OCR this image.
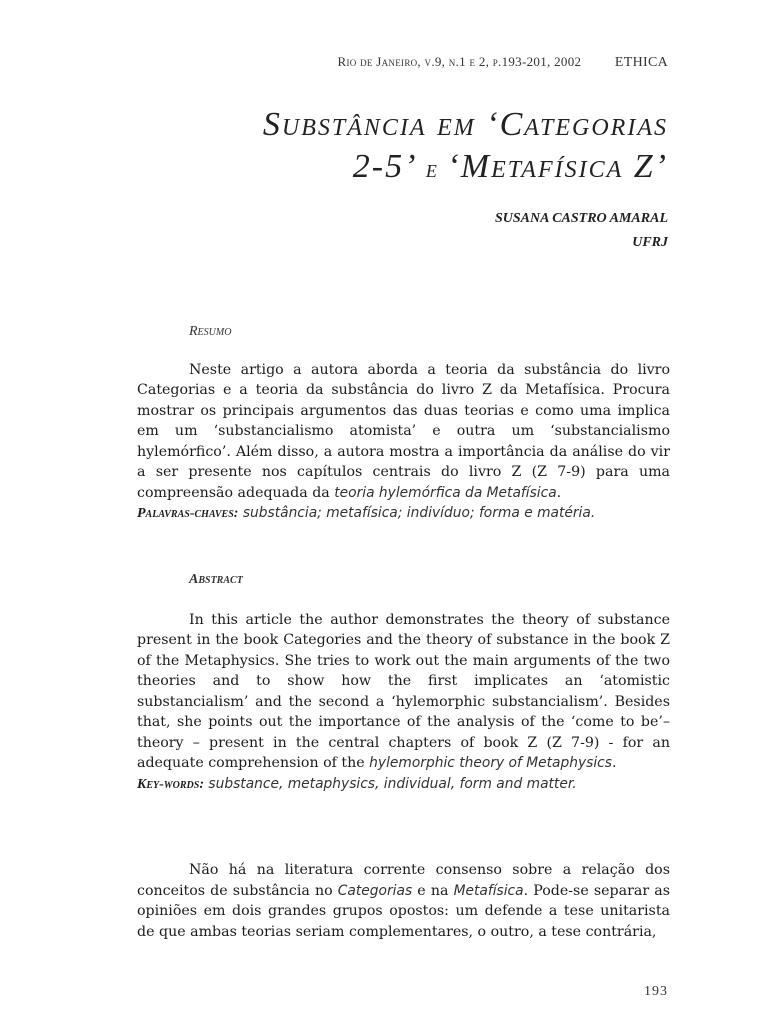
Rio de Janeiro, v.9, n.1 e 2, p.193-201, 2002 ETHICA
Substância em ‘Categorias
2-5’ e ‘Metafísica Z’
SUSANA CASTRO AMARAL
UFRJ
Resumo

Neste artigo a autora aborda a teoria da substância do livro Categorias e a teoria da substância do livro Z da Metafísica. Procura mostrar os principais argumentos das duas teorias e como uma implica em um ‘substancialismo atomista’ e outra um ‘substancialismo hylemórfico’. Além disso, a autora mostra a importância da análise do vir a ser presente nos capítulos centrais do livro Z (Z 7-9) para uma compreensão adequada da teoria hylemórfica da Metafísica.

Palavras-chaves: substância; metafísica; indivíduo; forma e matéria.

Abstract

In this article the author demonstrates the theory of substance present in the book Categories and the theory of substance in the book Z of the Metaphysics. She tries to work out the main arguments of the two theories and to show how the first implicates an ‘atomistic substancialism’ and the second a ‘hylemorphic substancialism’. Besides that, she points out the importance of the analysis of the ‘come to be’– theory – present in the central chapters of book Z (Z 7-9) - for an adequate comprehension of the hylemorphic theory of Metaphysics.

Key-words: substance, metaphysics, individual, form and matter.

Não há na literatura corrente consenso sobre a relação dos conceitos de substância no Categorias e na Metafísica. Pode-se separar as opiniões em dois grandes grupos opostos: um defende a tese unitarista de que ambas teorias seriam complementares, o outro, a tese contrária,

193
